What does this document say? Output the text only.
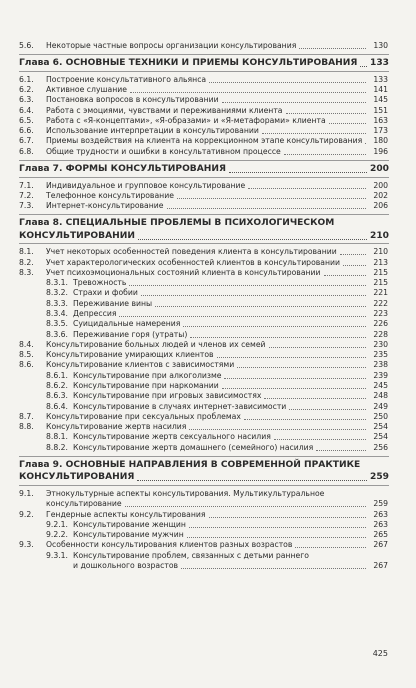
5.6. Некоторые частные вопросы организации консультирования	130
Глава 6. ОСНОВНЫЕ ТЕХНИКИ И ПРИЕМЫ КОНСУЛЬТИРОВАНИЯ 133
6.1. Построение консультативного альянса	133
6.2. Активное слушание	141
6.3. Постановка вопросов в консультировании	145
6.4. Работа с эмоциями, чувствами и переживаниями клиента	151
6.5. Работа с «Я-концептами», «Я-образами» и «Я-метафорами» клиента	163
6.6. Использование интерпретации в консультировании	173
6.7. Приемы воздействия на клиента на коррекционном этапе консультирования 180
6.8. Общие трудности и ошибки в консультативном процессе	196
Глава 7. ФОРМЫ КОНСУЛЬТИРОВАНИЯ	200
7.1. Индивидуальное и групповое консультирование	200
7.2. Телефонное консультирование	202
7.3. Интернет-консультирование	206
Глава 8. СПЕЦИАЛЬНЫЕ ПРОБЛЕМЫ В ПСИХОЛОГИЧЕСКОМ
КОНСУЛЬТИРОВАНИИ	210
8.1. Учет некоторых особенностей поведения клиента в консультировании	210
8.2. Учет характерологических особенностей клиентов в консультировании	213
8.3. Учет психоэмоциональных состояний клиента в консультировании	215
8.3.1. Тревожность	215
8.3.2. Страхи и фобии	221
8.3.3. Переживание вины	222
8.3.4. Депрессия	223
8.3.5. Суицидальные намерения	226
8.3.6. Переживание горя (утраты)	228
8.4. Консультирование больных людей и членов их семей	230
8.5. Консультирование умирающих клиентов	235
8.6. Консультирование клиентов с зависимостями	238
8.6.1. Консультирование при алкоголизме	239
8.6.2. Консультирование при наркомании	245
8.6.3. Консультирование при игровых зависимостях	248
8.6.4. Консультирование в случаях интернет-зависимости	249
8.7. Консультирование при сексуальных проблемах	250
8.8. Консультирование жертв насилия	254
8.8.1. Консультирование жертв сексуального насилия	254
8.8.2. Консультирование жертв домашнего (семейного) насилия	256
Глава 9. ОСНОВНЫЕ НАПРАВЛЕНИЯ В СОВРЕМЕННОЙ ПРАКТИКЕ
КОНСУЛЬТИРОВАНИЯ	259
9.1. Этнокультурные аспекты консультирования. Мультикультуральное
консультирование	259
9.2. Гендерные аспекты консультирования	263
9.2.1. Консультирование женщин	263
9.2.2. Консультирование мужчин	265
9.3. Особенности консультирования клиентов разных возрастов	267
9.3.1. Консультирование проблем, связанных с детьми раннего
и дошкольного возрастов	267
425
